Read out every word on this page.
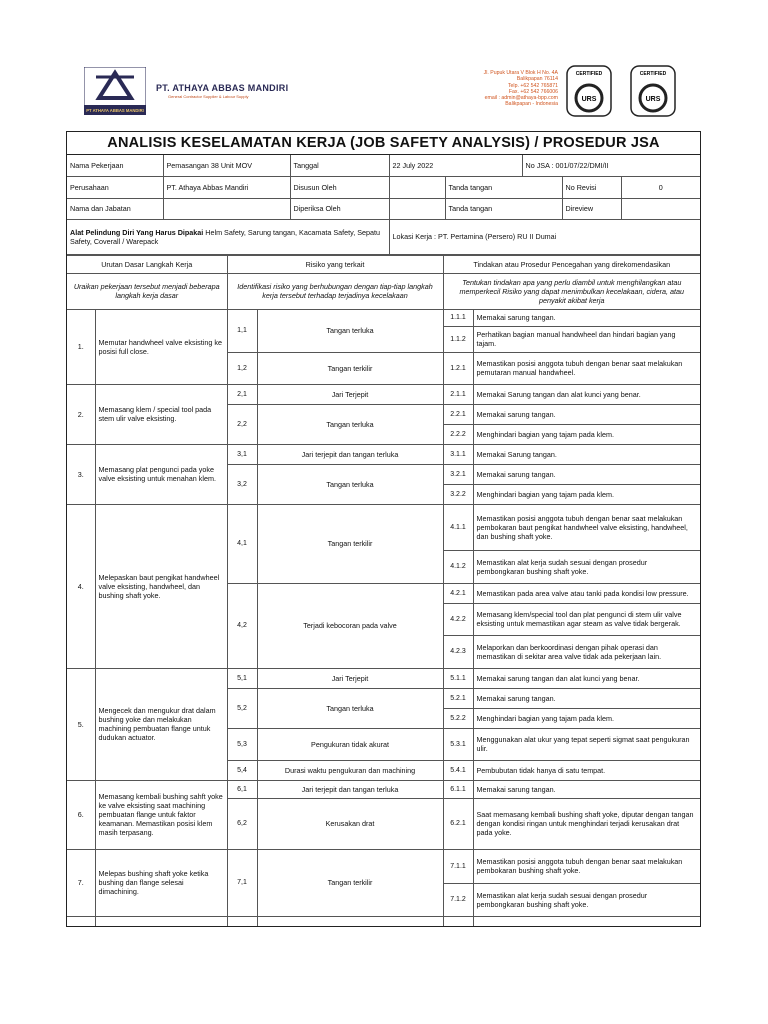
PT ATHAYA ABBAS MANDIRI
PT. ATHAYA ABBAS MANDIRI
General Contractor Supplier & Labour Supply
Jl. Pupuk Utara V Blok H No. 4A
Balikpapan 76114
Telp. +62 542 765871
Fax. +62 542 766006
email : admin@athaya-bpp.com
Balikpapan - Indonesia
CERTIFIED
URS
CERTIFIED
URS
ANALISIS KESELAMATAN KERJA (JOB SAFETY ANALYSIS) / PROSEDUR JSA
Nama Pekerjaan	Pemasangan 38 Unit MOV	Tanggal	22 July 2022		No JSA : 001/07/22/DMI/II		
Perusahaan	PT. Athaya Abbas Mandiri	Disusun Oleh		Tanda tangan		No Revisi	0
Nama dan Jabatan		Diperiksa Oleh		Tanda tangan		Direview	
Alat Pelindung Diri Yang Harus Dipakai Helm Safety, Sarung tangan, Kacamata Safety, Sepatu Safety, Coverall / Warepack			Lokasi Kerja : PT. Pertamina (Persero) RU II Dumai				
Urutan Dasar Langkah Kerja		Risiko yang terkait		Tindakan atau Prosedur Pencegahan yang direkomendasikan	
Uraikan pekerjaan tersebut menjadi beberapa langkah kerja dasar		Identifikasi risiko yang berhubungan dengan tiap-tiap langkah kerja tersebut terhadap terjadinya kecelakaan		Tentukan tindakan apa yang perlu diambil untuk menghilangkan atau memperkecil Risiko yang dapat menimbulkan kecelakaan, cidera, atau penyakit akibat kerja	
1.	Memutar handwheel valve eksisting ke posisi full close.	1,1	Tangan terluka	1.1.1	Memakai sarung tangan.
				1.1.2	Perhatikan bagian manual handwheel dan hindari bagian yang tajam.
		1,2	Tangan terkilir	1.2.1	Memastikan posisi anggota tubuh dengan benar saat melakukan pemutaran manual handwheel.
2.	Memasang klem / special tool pada stem ulir valve eksisting.	2,1	Jari Terjepit	2.1.1	Memakai Sarung tangan dan alat kunci yang benar.
		2,2	Tangan terluka	2.2.1	Memakai sarung tangan.
				2.2.2	Menghindari bagian yang tajam pada klem.
3.	Memasang plat pengunci pada yoke valve eksisting untuk menahan klem.	3,1	Jari terjepit dan tangan terluka	3.1.1	Memakai Sarung tangan.
		3,2	Tangan terluka	3.2.1	Memakai sarung tangan.
				3.2.2	Menghindari bagian yang tajam pada klem.
4.	Melepaskan baut pengikat handwheel valve eksisting, handwheel, dan bushing shaft yoke.	4,1	Tangan terkilir	4.1.1	Memastikan posisi anggota tubuh dengan benar saat melakukan pembokaran baut pengikat handwheel valve eksisting, handwheel, dan bushing shaft yoke.
				4.1.2	Memastikan alat kerja sudah sesuai dengan prosedur pembongkaran bushing shaft yoke.
		4,2	Terjadi kebocoran pada valve	4.2.1	Memastikan pada area valve atau tanki pada kondisi low pressure.
				4.2.2	Memasang klem/special tool dan plat pengunci di stem ulir valve eksisting untuk memastikan agar steam as valve tidak bergerak.
				4.2.3	Melaporkan dan berkoordinasi dengan pihak operasi dan memastikan di sekitar area valve tidak ada pekerjaan lain.
5.	Mengecek dan mengukur drat dalam bushing yoke dan melakukan machining pembuatan flange untuk dudukan actuator.	5,1	Jari Terjepit	5.1.1	Memakai sarung tangan dan alat kunci yang benar.
		5,2	Tangan terluka	5.2.1	Memakai sarung tangan.
				5.2.2	Menghindari bagian yang tajam pada klem.
		5,3	Pengukuran tidak akurat	5.3.1	Menggunakan alat ukur yang tepat seperti sigmat saat pengukuran ulir.
		5,4	Durasi waktu pengukuran dan machining	5.4.1	Pembubutan tidak hanya di satu tempat.
6.	Memasang kembali bushing sahft yoke ke valve eksisting saat machining pembuatan flange untuk faktor keamanan. Memastikan posisi klem masih terpasang.	6,1	Jari terjepit dan tangan terluka	6.1.1	Memakai sarung tangan.
		6,2	Kerusakan drat	6.2.1	Saat memasang kembali bushing shaft yoke, diputar dengan tangan dengan kondisi ringan untuk menghindari terjadi kerusakan drat pada yoke.
7.	Melepas bushing shaft yoke ketika bushing dan flange selesai dimachining.	7,1	Tangan terkilir	7.1.1	Memastikan posisi anggota tubuh dengan benar saat melakukan pembokaran bushing shaft yoke.
				7.1.2	Memastikan alat kerja sudah sesuai dengan prosedur pembongkaran bushing shaft yoke.
